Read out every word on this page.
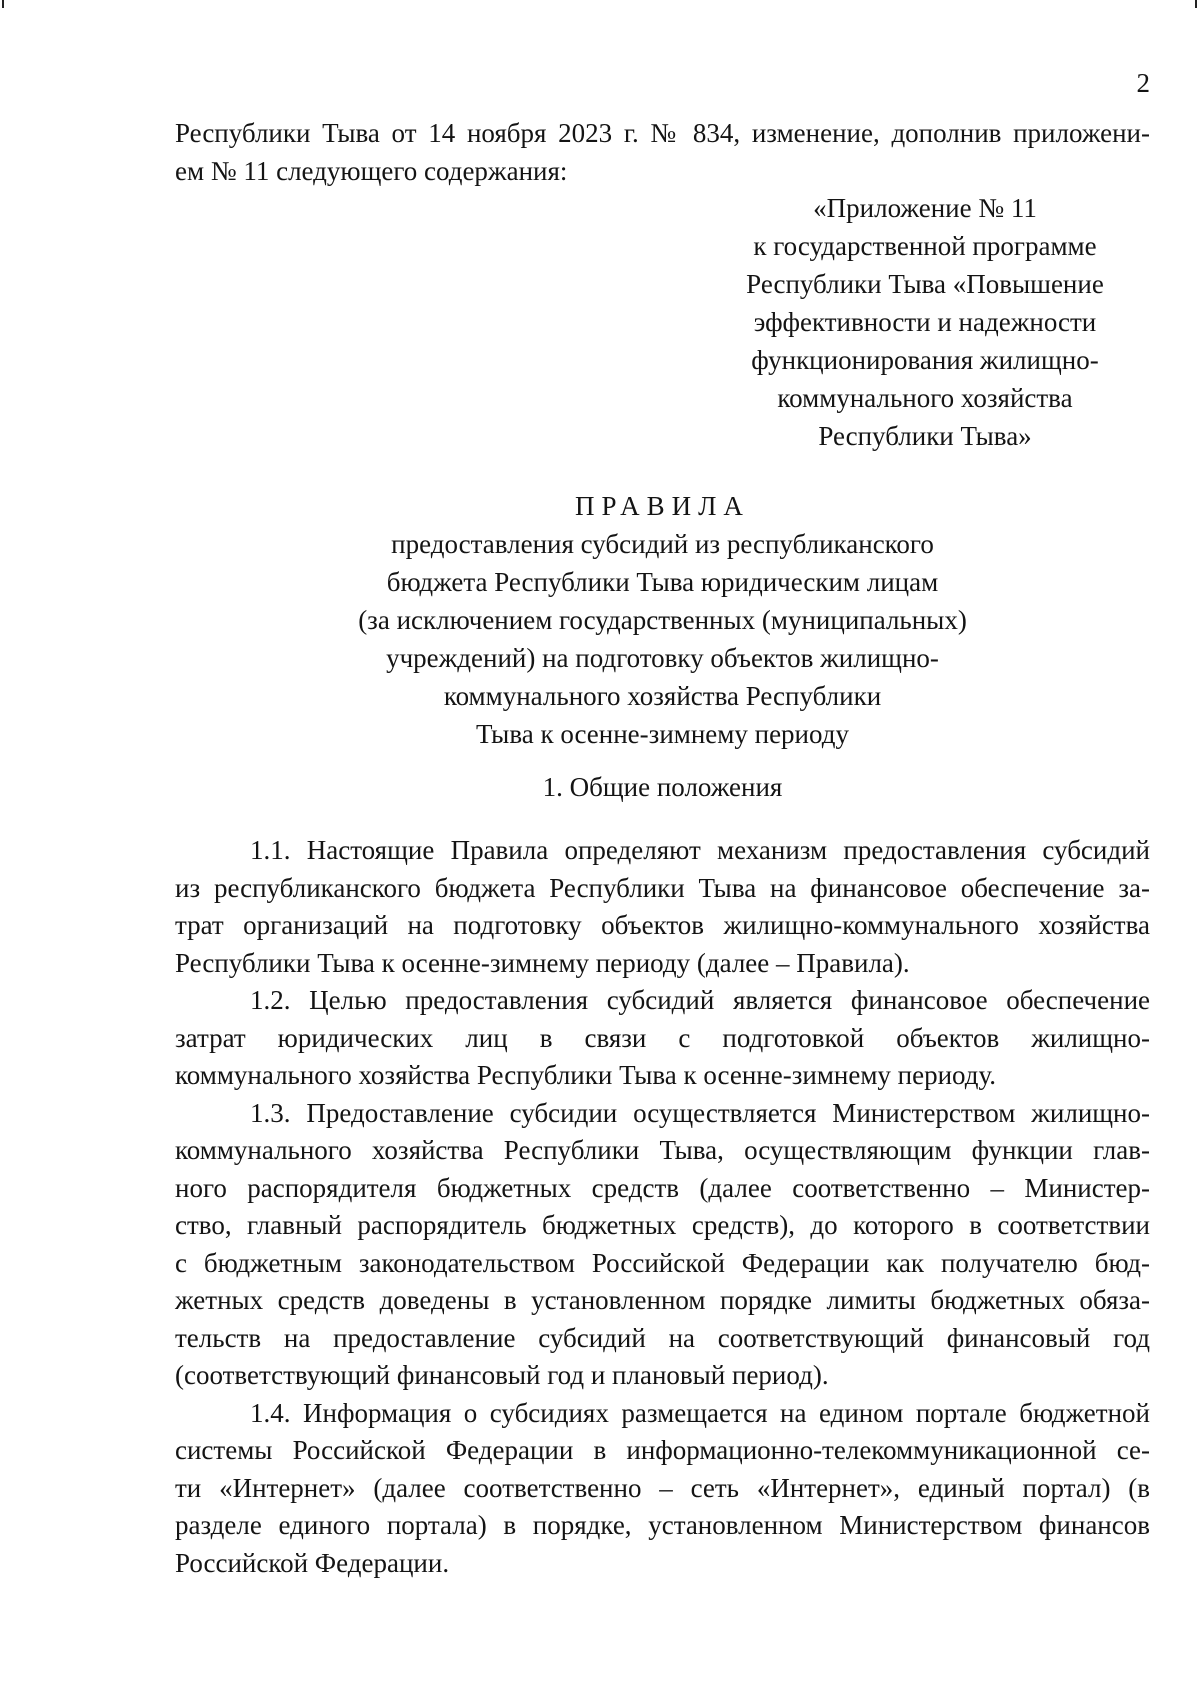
2

Республики Тыва от 14 ноября 2023 г. № 834, изменение, дополнив приложени-

ем № 11 следующего содержания:

«Приложение № 11
к государственной программе
Республики Тыва «Повышение
эффективности и надежности
функционирования жилищно-
коммунального хозяйства
Республики Тыва»
ПРАВИЛА
предоставления субсидий из республиканского
бюджета Республики Тыва юридическим лицам
(за исключением государственных (муниципальных)
учреждений) на подготовку объектов жилищно-
коммунального хозяйства Республики
Тыва к осенне-зимнему периоду
1. Общие положения
1.1. Настоящие Правила определяют механизм предоставления субсидий
из республиканского бюджета Республики Тыва на финансовое обеспечение за-
трат организаций на подготовку объектов жилищно-коммунального хозяйства
Республики Тыва к осенне-зимнему периоду (далее – Правила).
1.2. Целью предоставления субсидий является финансовое обеспечение
затрат юридических лиц в связи с подготовкой объектов жилищно-
коммунального хозяйства Республики Тыва к осенне-зимнему периоду.
1.3. Предоставление субсидии осуществляется Министерством жилищно-
коммунального хозяйства Республики Тыва, осуществляющим функции глав-
ного распорядителя бюджетных средств (далее соответственно – Министер-
ство, главный распорядитель бюджетных средств), до которого в соответствии
с бюджетным законодательством Российской Федерации как получателю бюд-
жетных средств доведены в установленном порядке лимиты бюджетных обяза-
тельств на предоставление субсидий на соответствующий финансовый год
(соответствующий финансовый год и плановый период).
1.4. Информация о субсидиях размещается на едином портале бюджетной
системы Российской Федерации в информационно-телекоммуникационной се-
ти «Интернет» (далее соответственно – сеть «Интернет», единый портал) (в
разделе единого портала) в порядке, установленном Министерством финансов
Российской Федерации.
